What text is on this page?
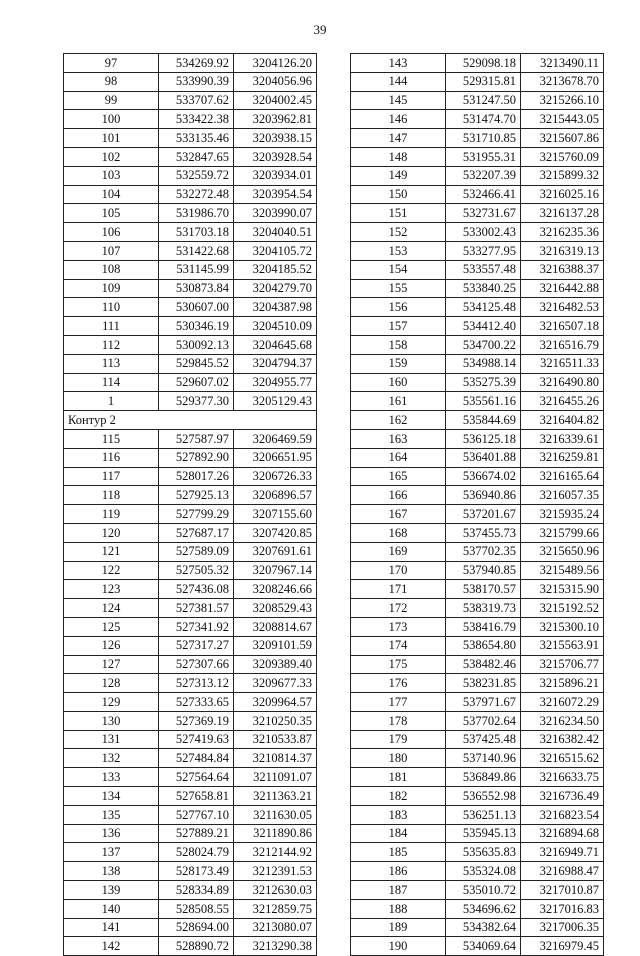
39
97	534269.92	3204126.20
98	533990.39	3204056.96
99	533707.62	3204002.45
100	533422.38	3203962.81
101	533135.46	3203938.15
102	532847.65	3203928.54
103	532559.72	3203934.01
104	532272.48	3203954.54
105	531986.70	3203990.07
106	531703.18	3204040.51
107	531422.68	3204105.72
108	531145.99	3204185.52
109	530873.84	3204279.70
110	530607.00	3204387.98
111	530346.19	3204510.09
112	530092.13	3204645.68
113	529845.52	3204794.37
114	529607.02	3204955.77
1	529377.30	3205129.43
Контур 2		
115	527587.97	3206469.59
116	527892.90	3206651.95
117	528017.26	3206726.33
118	527925.13	3206896.57
119	527799.29	3207155.60
120	527687.17	3207420.85
121	527589.09	3207691.61
122	527505.32	3207967.14
123	527436.08	3208246.66
124	527381.57	3208529.43
125	527341.92	3208814.67
126	527317.27	3209101.59
127	527307.66	3209389.40
128	527313.12	3209677.33
129	527333.65	3209964.57
130	527369.19	3210250.35
131	527419.63	3210533.87
132	527484.84	3210814.37
133	527564.64	3211091.07
134	527658.81	3211363.21
135	527767.10	3211630.05
136	527889.21	3211890.86
137	528024.79	3212144.92
138	528173.49	3212391.53
139	528334.89	3212630.03
140	528508.55	3212859.75
141	528694.00	3213080.07
142	528890.72	3213290.38
143	529098.18	3213490.11
144	529315.81	3213678.70
145	531247.50	3215266.10
146	531474.70	3215443.05
147	531710.85	3215607.86
148	531955.31	3215760.09
149	532207.39	3215899.32
150	532466.41	3216025.16
151	532731.67	3216137.28
152	533002.43	3216235.36
153	533277.95	3216319.13
154	533557.48	3216388.37
155	533840.25	3216442.88
156	534125.48	3216482.53
157	534412.40	3216507.18
158	534700.22	3216516.79
159	534988.14	3216511.33
160	535275.39	3216490.80
161	535561.16	3216455.26
162	535844.69	3216404.82
163	536125.18	3216339.61
164	536401.88	3216259.81
165	536674.02	3216165.64
166	536940.86	3216057.35
167	537201.67	3215935.24
168	537455.73	3215799.66
169	537702.35	3215650.96
170	537940.85	3215489.56
171	538170.57	3215315.90
172	538319.73	3215192.52
173	538416.79	3215300.10
174	538654.80	3215563.91
175	538482.46	3215706.77
176	538231.85	3215896.21
177	537971.67	3216072.29
178	537702.64	3216234.50
179	537425.48	3216382.42
180	537140.96	3216515.62
181	536849.86	3216633.75
182	536552.98	3216736.49
183	536251.13	3216823.54
184	535945.13	3216894.68
185	535635.83	3216949.71
186	535324.08	3216988.47
187	535010.72	3217010.87
188	534696.62	3217016.83
189	534382.64	3217006.35
190	534069.64	3216979.45
